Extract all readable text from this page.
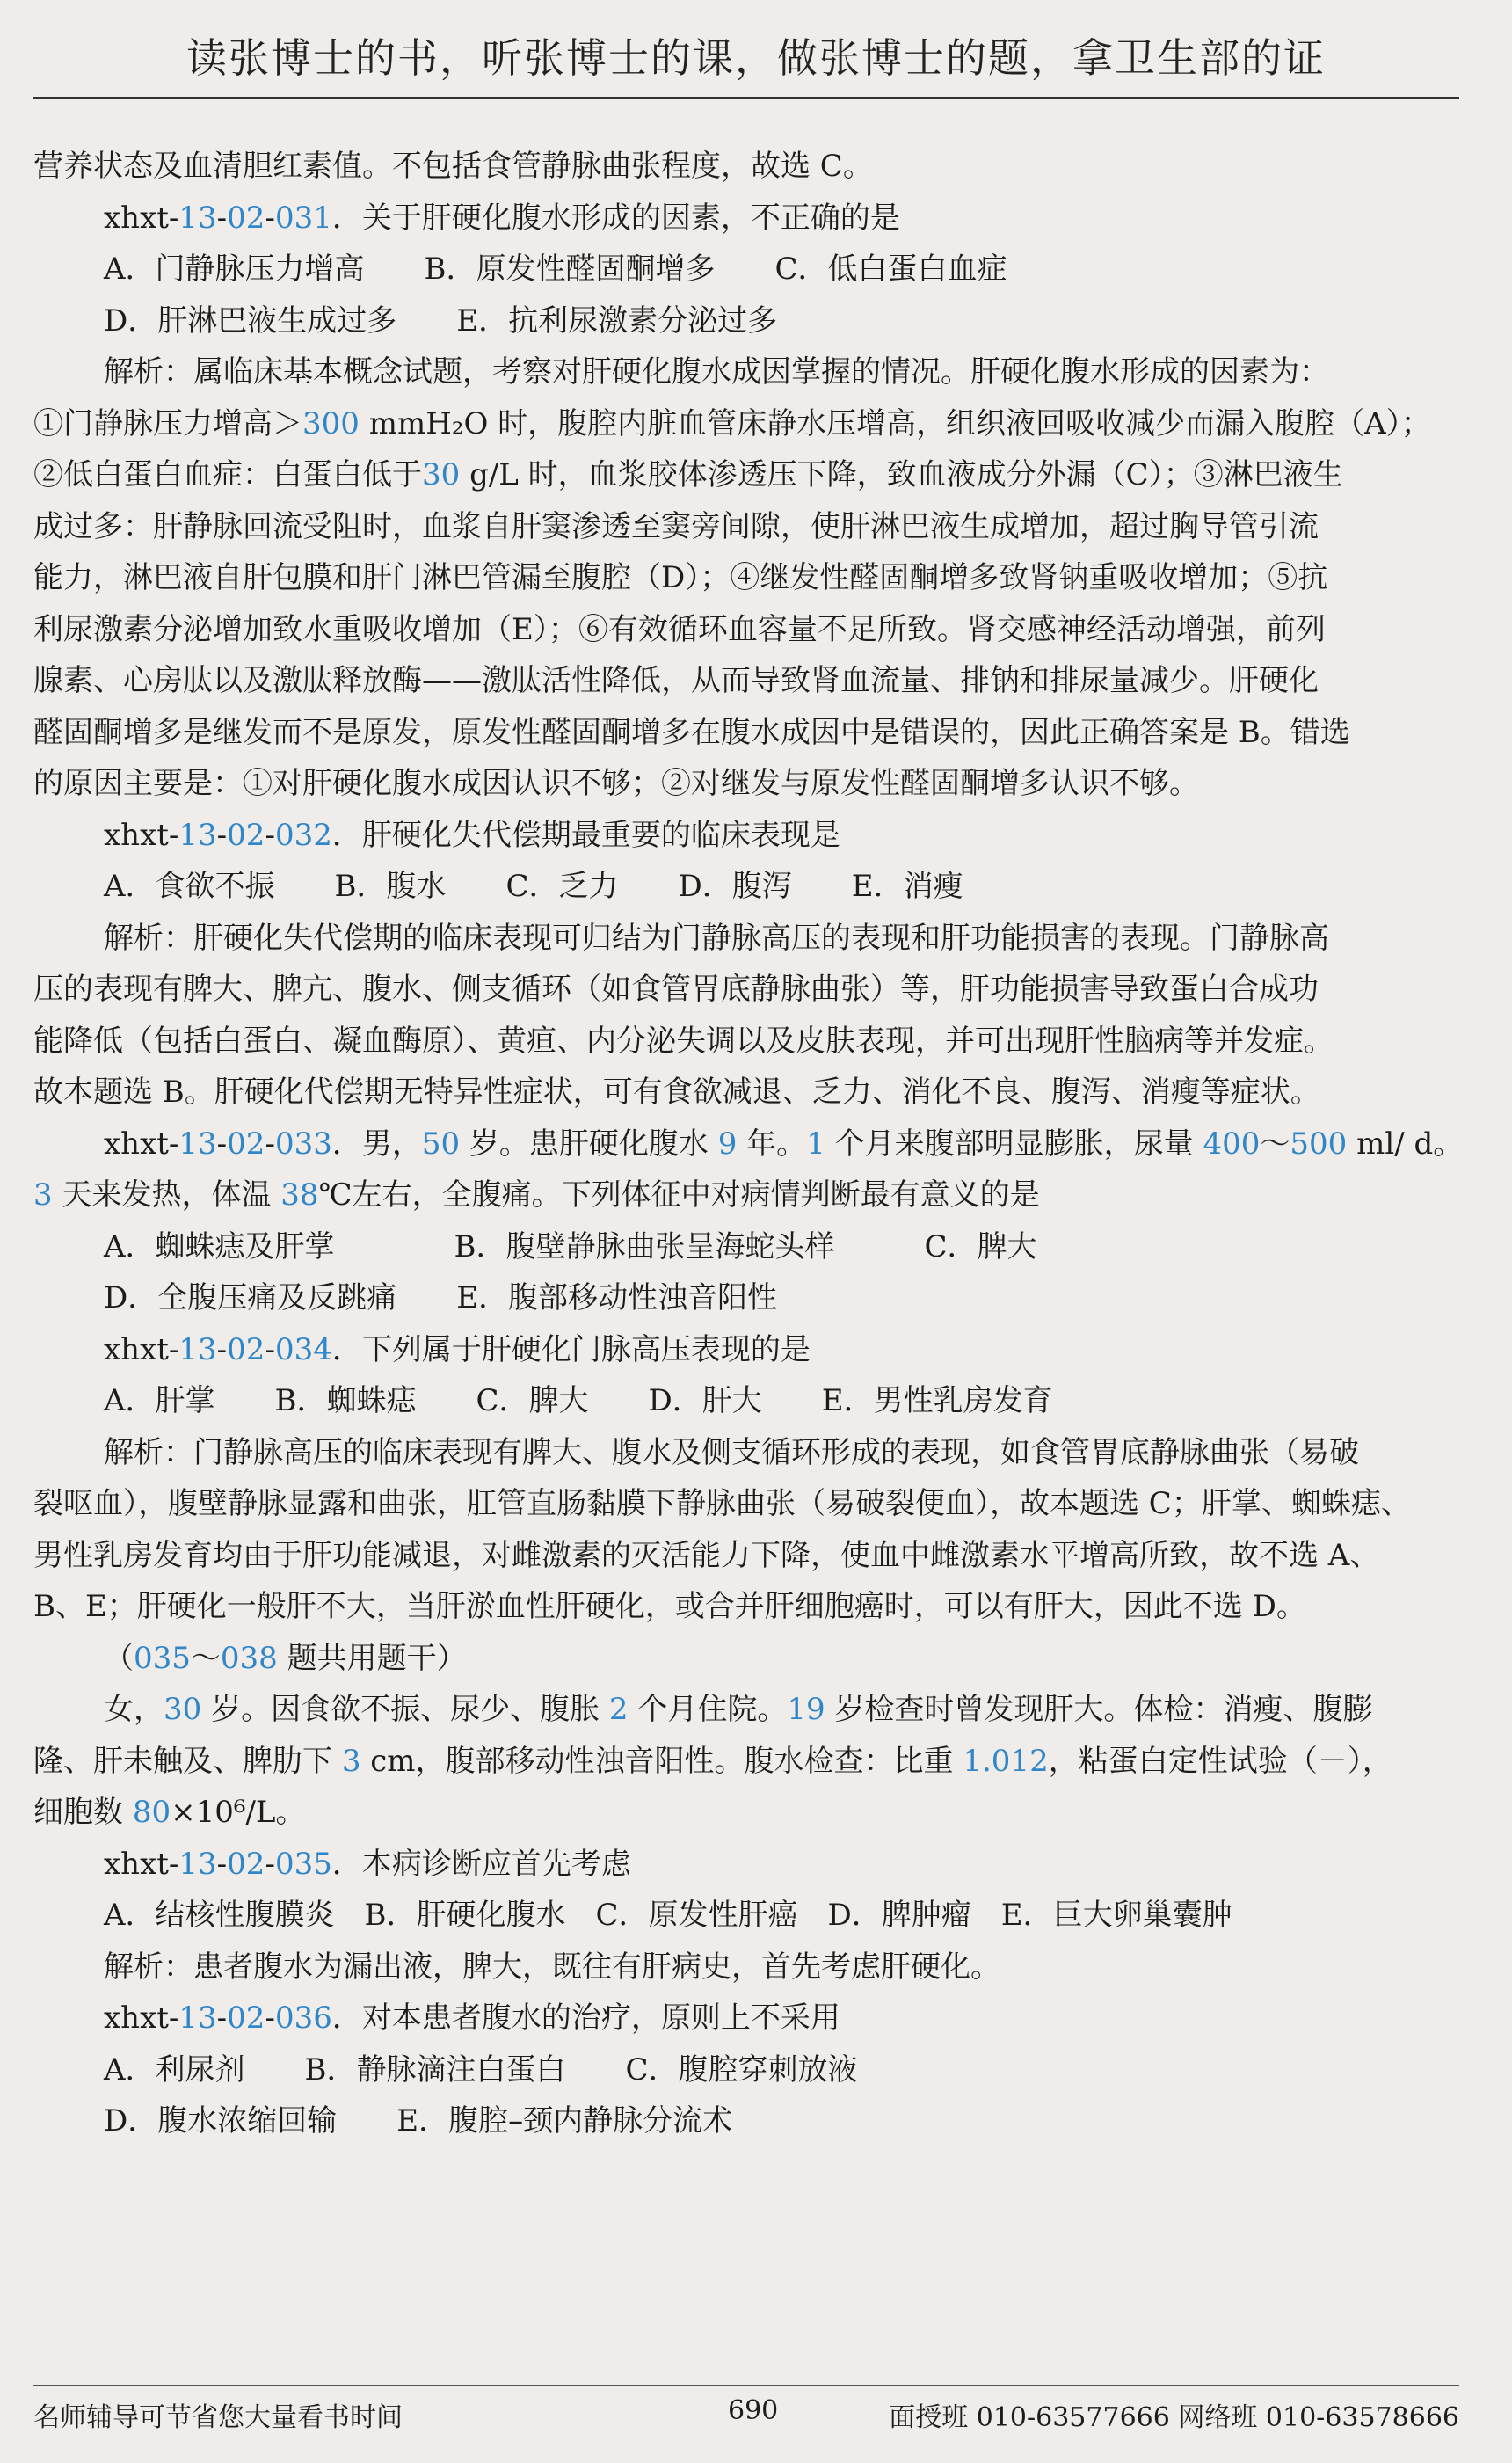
读张博士的书，听张博士的课，做张博士的题，拿卫生部的证
营养状态及血清胆红素值。不包括食管静脉曲张程度，故选 C。
xhxt-13-02-031．关于肝硬化腹水形成的因素，不正确的是
A．门静脉压力增高　　B．原发性醛固酮增多　　C．低白蛋白血症
D．肝淋巴液生成过多　　E．抗利尿激素分泌过多
解析：属临床基本概念试题，考察对肝硬化腹水成因掌握的情况。肝硬化腹水形成的因素为：
①门静脉压力增高＞300 mmH₂O 时，腹腔内脏血管床静水压增高，组织液回吸收减少而漏入腹腔（A）；
②低白蛋白血症：白蛋白低于30 g/L 时，血浆胶体渗透压下降，致血液成分外漏（C）；③淋巴液生
成过多：肝静脉回流受阻时，血浆自肝窦渗透至窦旁间隙，使肝淋巴液生成增加，超过胸导管引流
能力，淋巴液自肝包膜和肝门淋巴管漏至腹腔（D）；④继发性醛固酮增多致肾钠重吸收增加；⑤抗
利尿激素分泌增加致水重吸收增加（E）；⑥有效循环血容量不足所致。肾交感神经活动增强，前列
腺素、心房肽以及激肽释放酶——激肽活性降低，从而导致肾血流量、排钠和排尿量减少。肝硬化
醛固酮增多是继发而不是原发，原发性醛固酮增多在腹水成因中是错误的，因此正确答案是 B。错选
的原因主要是：①对肝硬化腹水成因认识不够；②对继发与原发性醛固酮增多认识不够。
xhxt-13-02-032．肝硬化失代偿期最重要的临床表现是
A．食欲不振　　B．腹水　　C．乏力　　D．腹泻　　E．消瘦
解析：肝硬化失代偿期的临床表现可归结为门静脉高压的表现和肝功能损害的表现。门静脉高
压的表现有脾大、脾亢、腹水、侧支循环（如食管胃底静脉曲张）等，肝功能损害导致蛋白合成功
能降低（包括白蛋白、凝血酶原）、黄疸、内分泌失调以及皮肤表现，并可出现肝性脑病等并发症。
故本题选 B。肝硬化代偿期无特异性症状，可有食欲减退、乏力、消化不良、腹泻、消瘦等症状。
xhxt-13-02-033．男，50 岁。患肝硬化腹水 9 年。1 个月来腹部明显膨胀，尿量 400～500 ml/ d。
3 天来发热，体温 38℃左右，全腹痛。下列体征中对病情判断最有意义的是
A．蜘蛛痣及肝掌　　　　B．腹壁静脉曲张呈海蛇头样　　　C．脾大
D．全腹压痛及反跳痛　　E．腹部移动性浊音阳性
xhxt-13-02-034．下列属于肝硬化门脉高压表现的是
A．肝掌　　B．蜘蛛痣　　C．脾大　　D．肝大　　E．男性乳房发育
解析：门静脉高压的临床表现有脾大、腹水及侧支循环形成的表现，如食管胃底静脉曲张（易破
裂呕血），腹壁静脉显露和曲张，肛管直肠黏膜下静脉曲张（易破裂便血），故本题选 C；肝掌、蜘蛛痣、
男性乳房发育均由于肝功能减退，对雌激素的灭活能力下降，使血中雌激素水平增高所致，故不选 A、
B、E；肝硬化一般肝不大，当肝淤血性肝硬化，或合并肝细胞癌时，可以有肝大，因此不选 D。
（035～038 题共用题干）
女，30 岁。因食欲不振、尿少、腹胀 2 个月住院。19 岁检查时曾发现肝大。体检：消瘦、腹膨
隆、肝未触及、脾肋下 3 cm，腹部移动性浊音阳性。腹水检查：比重 1.012，粘蛋白定性试验（－），
细胞数 80×10⁶/L。
xhxt-13-02-035．本病诊断应首先考虑
A．结核性腹膜炎　B．肝硬化腹水　C．原发性肝癌　D．脾肿瘤　E．巨大卵巢囊肿
解析：患者腹水为漏出液，脾大，既往有肝病史，首先考虑肝硬化。
xhxt-13-02-036．对本患者腹水的治疗，原则上不采用
A．利尿剂　　B．静脉滴注白蛋白　　C．腹腔穿刺放液
D．腹水浓缩回输　　E．腹腔–颈内静脉分流术
名师辅导可节省您大量看书时间	690	面授班 010-63577666 网络班 010-63578666
